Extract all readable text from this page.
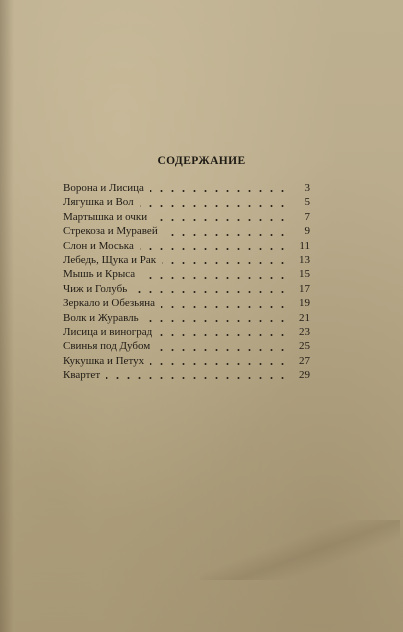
СОДЕРЖАНИЕ
Ворона и Лисица	3
Лягушка и Вол	5
Мартышка и очки	7
Стрекоза и Муравей	9
Слон и Моська	11
Лебедь, Щука и Рак	13
Мышь и Крыса	15
Чиж и Голубь	17
Зеркало и Обезьяна	19
Волк и Журавль	21
Лисица и виноград	23
Свинья под Дубом	25
Кукушка и Петух	27
Квартет	29
